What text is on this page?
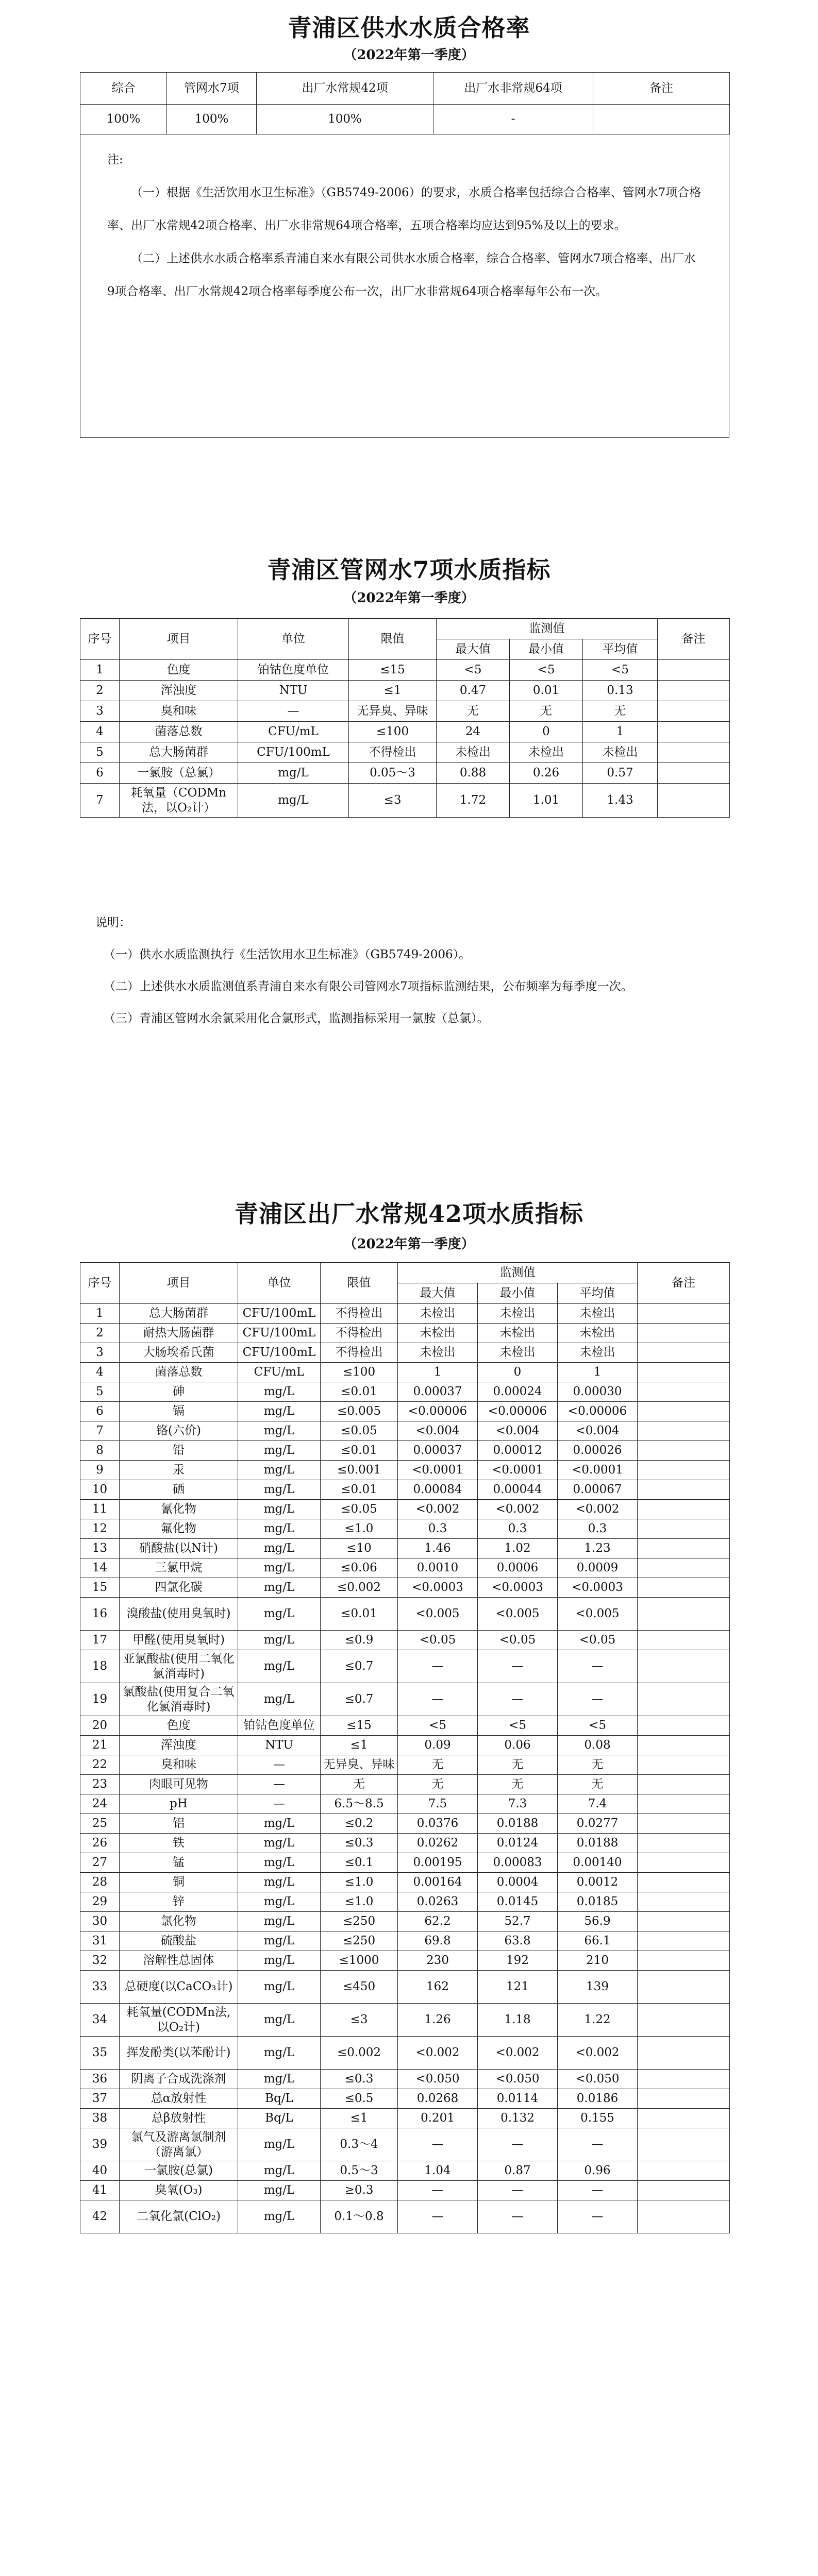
青浦区供水水质合格率
（2022年第一季度）
综合	管网水7项	出厂水常规42项	出厂水非常规64项	备注
100%	100%	100%	-	

注:

（一）根据《生活饮用水卫生标准》（GB5749-2006）的要求，水质合格率包括综合合格率、管网水7项合格率、出厂水常规42项合格率、出厂水非常规64项合格率，五项合格率均应达到95%及以上的要求。

（二）上述供水水质合格率系青浦自来水有限公司供水水质合格率，综合合格率、管网水7项合格率、出厂水9项合格率、出厂水常规42项合格率每季度公布一次，出厂水非常规64项合格率每年公布一次。

青浦区管网水7项水质指标
（2022年第一季度）
序号	项目	单位	限值	监测值			备注
				最大值	最小值	平均值	
1	色度	铂钴色度单位	≤15	<5	<5	<5	
2	浑浊度	NTU	≤1	0.47	0.01	0.13	
3	臭和味	—	无异臭、异味	无	无	无	
4	菌落总数	CFU/mL	≤100	24	0	1	
5	总大肠菌群	CFU/100mL	不得检出	未检出	未检出	未检出	
6	一氯胺（总氯）	mg/L	0.05～3	0.88	0.26	0.57	
7	耗氧量（CODMn法，以O₂计）	mg/L	≤3	1.72	1.01	1.43	

说明：

（一）供水水质监测执行《生活饮用水卫生标准》（GB5749-2006）。

（二）上述供水水质监测值系青浦自来水有限公司管网水7项指标监测结果，公布频率为每季度一次。

（三）青浦区管网水余氯采用化合氯形式，监测指标采用一氯胺（总氯）。

青浦区出厂水常规42项水质指标
（2022年第一季度）
序号	项目	单位	限值	监测值			备注
				最大值	最小值	平均值	
1	总大肠菌群	CFU/100mL	不得检出	未检出	未检出	未检出	
2	耐热大肠菌群	CFU/100mL	不得检出	未检出	未检出	未检出	
3	大肠埃希氏菌	CFU/100mL	不得检出	未检出	未检出	未检出	
4	菌落总数	CFU/mL	≤100	1	0	1	
5	砷	mg/L	≤0.01	0.00037	0.00024	0.00030	
6	镉	mg/L	≤0.005	<0.00006	<0.00006	<0.00006	
7	铬(六价)	mg/L	≤0.05	<0.004	<0.004	<0.004	
8	铅	mg/L	≤0.01	0.00037	0.00012	0.00026	
9	汞	mg/L	≤0.001	<0.0001	<0.0001	<0.0001	
10	硒	mg/L	≤0.01	0.00084	0.00044	0.00067	
11	氰化物	mg/L	≤0.05	<0.002	<0.002	<0.002	
12	氟化物	mg/L	≤1.0	0.3	0.3	0.3	
13	硝酸盐(以N计)	mg/L	≤10	1.46	1.02	1.23	
14	三氯甲烷	mg/L	≤0.06	0.0010	0.0006	0.0009	
15	四氯化碳	mg/L	≤0.002	<0.0003	<0.0003	<0.0003	
16	溴酸盐(使用臭氧时)	mg/L	≤0.01	<0.005	<0.005	<0.005	
17	甲醛(使用臭氧时)	mg/L	≤0.9	<0.05	<0.05	<0.05	
18	亚氯酸盐(使用二氧化氯消毒时)	mg/L	≤0.7	—	—	—	
19	氯酸盐(使用复合二氧化氯消毒时)	mg/L	≤0.7	—	—	—	
20	色度	铂钴色度单位	≤15	<5	<5	<5	
21	浑浊度	NTU	≤1	0.09	0.06	0.08	
22	臭和味	—	无异臭、异味	无	无	无	
23	肉眼可见物	—	无	无	无	无	
24	pH	—	6.5～8.5	7.5	7.3	7.4	
25	铝	mg/L	≤0.2	0.0376	0.0188	0.0277	
26	铁	mg/L	≤0.3	0.0262	0.0124	0.0188	
27	锰	mg/L	≤0.1	0.00195	0.00083	0.00140	
28	铜	mg/L	≤1.0	0.00164	0.0004	0.0012	
29	锌	mg/L	≤1.0	0.0263	0.0145	0.0185	
30	氯化物	mg/L	≤250	62.2	52.7	56.9	
31	硫酸盐	mg/L	≤250	69.8	63.8	66.1	
32	溶解性总固体	mg/L	≤1000	230	192	210	
33	总硬度(以CaCO₃计)	mg/L	≤450	162	121	139	
34	耗氧量(CODMn法,以O₂计)	mg/L	≤3	1.26	1.18	1.22	
35	挥发酚类(以苯酚计)	mg/L	≤0.002	<0.002	<0.002	<0.002	
36	阴离子合成洗涤剂	mg/L	≤0.3	<0.050	<0.050	<0.050	
37	总α放射性	Bq/L	≤0.5	0.0268	0.0114	0.0186	
38	总β放射性	Bq/L	≤1	0.201	0.132	0.155	
39	氯气及游离氯制剂（游离氯）	mg/L	0.3～4	—	—	—	
40	一氯胺(总氯)	mg/L	0.5～3	1.04	0.87	0.96	
41	臭氧(O₃)	mg/L	≥0.3	—	—	—	
42	二氧化氯(ClO₂)	mg/L	0.1～0.8	—	—	—	
